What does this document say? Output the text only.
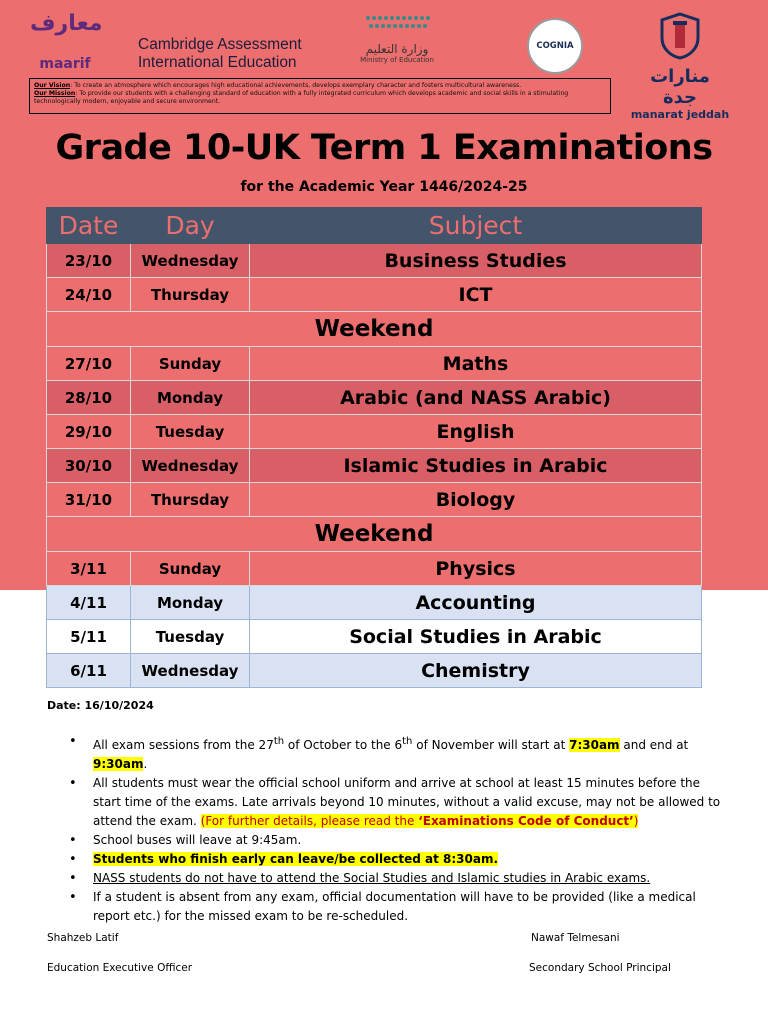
معارف
maarif
Cambridge Assessment
International Education
وزارة التعليم
Ministry of Education
COGNIA
منارات جدة
manarat jeddah
Our Vision: To create an atmosphere which encourages high educational achievements, develops exemplary character and fosters multicultural awareness.
Our Mission: To provide our students with a challenging standard of education with a fully integrated curriculum which develops academic and social skills in a stimulating technologically modern, enjoyable and secure environment.
Grade 10-UK Term 1 Examinations
for the Academic Year 1446/2024-25
Date	Day	Subject
23/10	Wednesday	Business Studies
24/10	Thursday	ICT
Weekend		
27/10	Sunday	Maths
28/10	Monday	Arabic (and NASS Arabic)
29/10	Tuesday	English
30/10	Wednesday	Islamic Studies in Arabic
31/10	Thursday	Biology
Weekend		
3/11	Sunday	Physics
4/11	Monday	Accounting
5/11	Tuesday	Social Studies in Arabic
6/11	Wednesday	Chemistry
Date: 16/10/2024
• All exam sessions from the 27th of October to the 6th of November will start at 7:30am and end at 9:30am.
• All students must wear the official school uniform and arrive at school at least 15 minutes before the start time of the exams. Late arrivals beyond 10 minutes, without a valid excuse, may not be allowed to attend the exam. (For further details, please read the ‘Examinations Code of Conduct’)
• School buses will leave at 9:45am.
• Students who finish early can leave/be collected at 8:30am.
• NASS students do not have to attend the Social Studies and Islamic studies in Arabic exams.
• If a student is absent from any exam, official documentation will have to be provided (like a medical report etc.) for the missed exam to be re-scheduled.
Shahzeb Latif
Education Executive Officer
Nawaf Telmesani
Secondary School Principal
